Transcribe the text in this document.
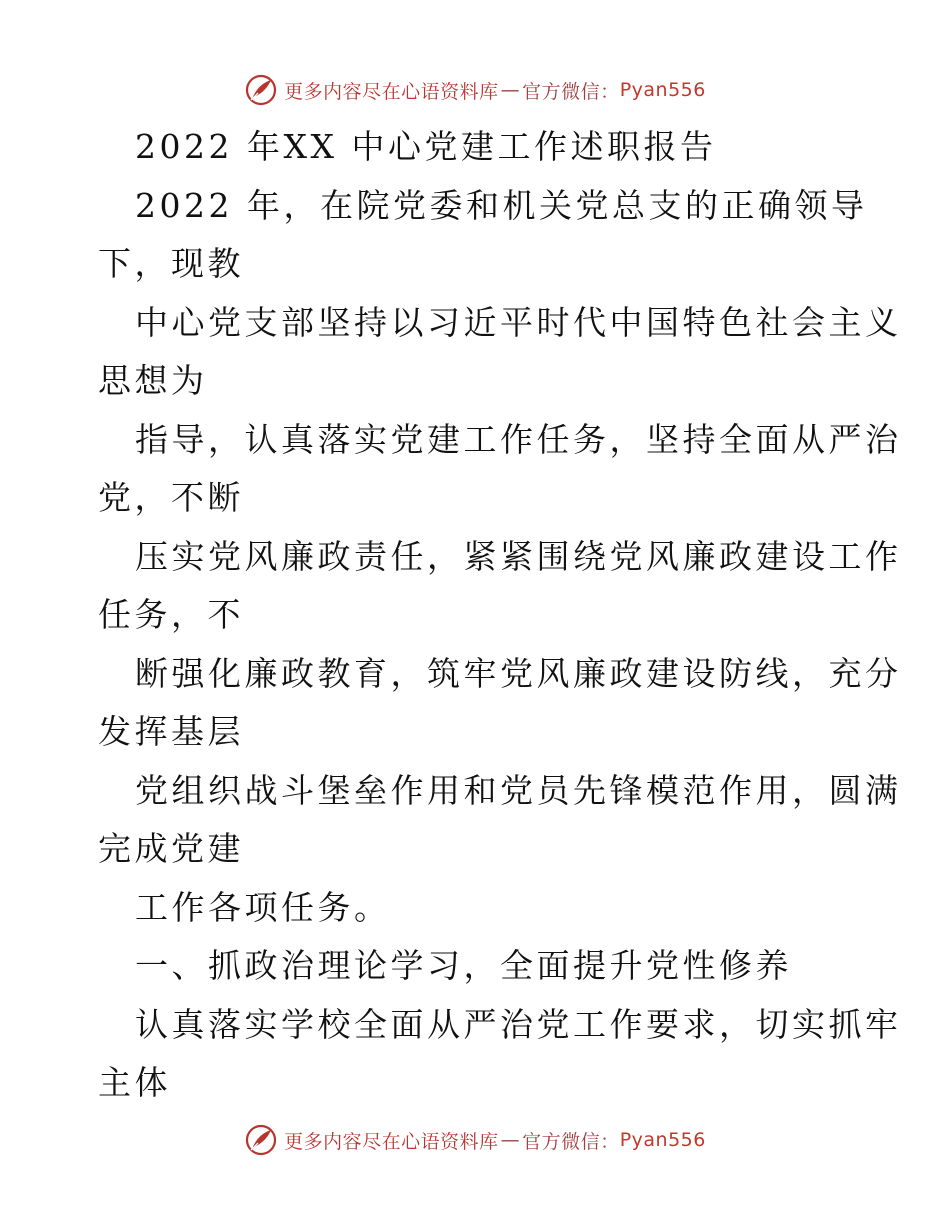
更多内容尽在心语资料库 — 官方微信： Pyan556
2022 年XX 中心党建工作述职报告
2022 年，在院党委和机关党总支的正确领导
下，现教
中心党支部坚持以习近平时代中国特色社会主义
思想为
指导，认真落实党建工作任务，坚持全面从严治
党，不断
压实党风廉政责任，紧紧围绕党风廉政建设工作
任务，不
断强化廉政教育，筑牢党风廉政建设防线，充分
发挥基层
党组织战斗堡垒作用和党员先锋模范作用，圆满
完成党建
工作各项任务。
一、抓政治理论学习，全面提升党性修养
认真落实学校全面从严治党工作要求，切实抓牢
主体
更多内容尽在心语资料库 — 官方微信： Pyan556
